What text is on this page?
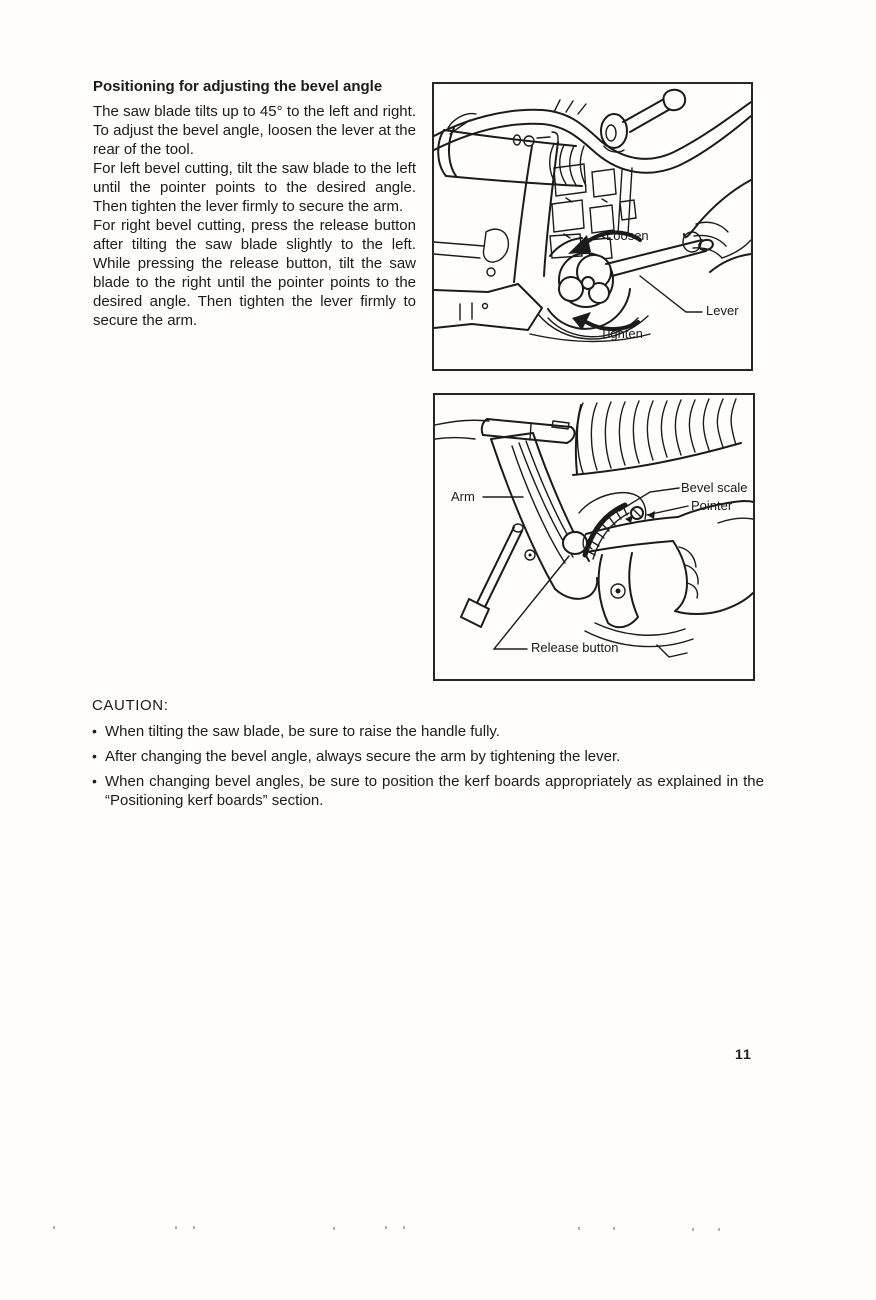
Positioning for adjusting the bevel angle

The saw blade tilts up to 45° to the left and right. To adjust the bevel angle, loosen the lever at the rear of the tool.

For left bevel cutting, tilt the saw blade to the left until the pointer points to the desired angle. Then tighten the lever firmly to secure the arm.

For right bevel cutting, press the release button after tilting the saw blade slightly to the left. While pressing the release button, tilt the saw blade to the right until the pointer points to the desired angle. Then tighten the lever firmly to secure the arm.

Loosen
Lever
Tighten
Arm
Bevel scale
Pointer
Release button
CAUTION:
• When tilting the saw blade, be sure to raise the handle fully.
• After changing the bevel angle, always secure the arm by tightening the lever.
• When changing bevel angles, be sure to position the kerf boards appropriately as explained in the “Positioning kerf boards” section.
11
